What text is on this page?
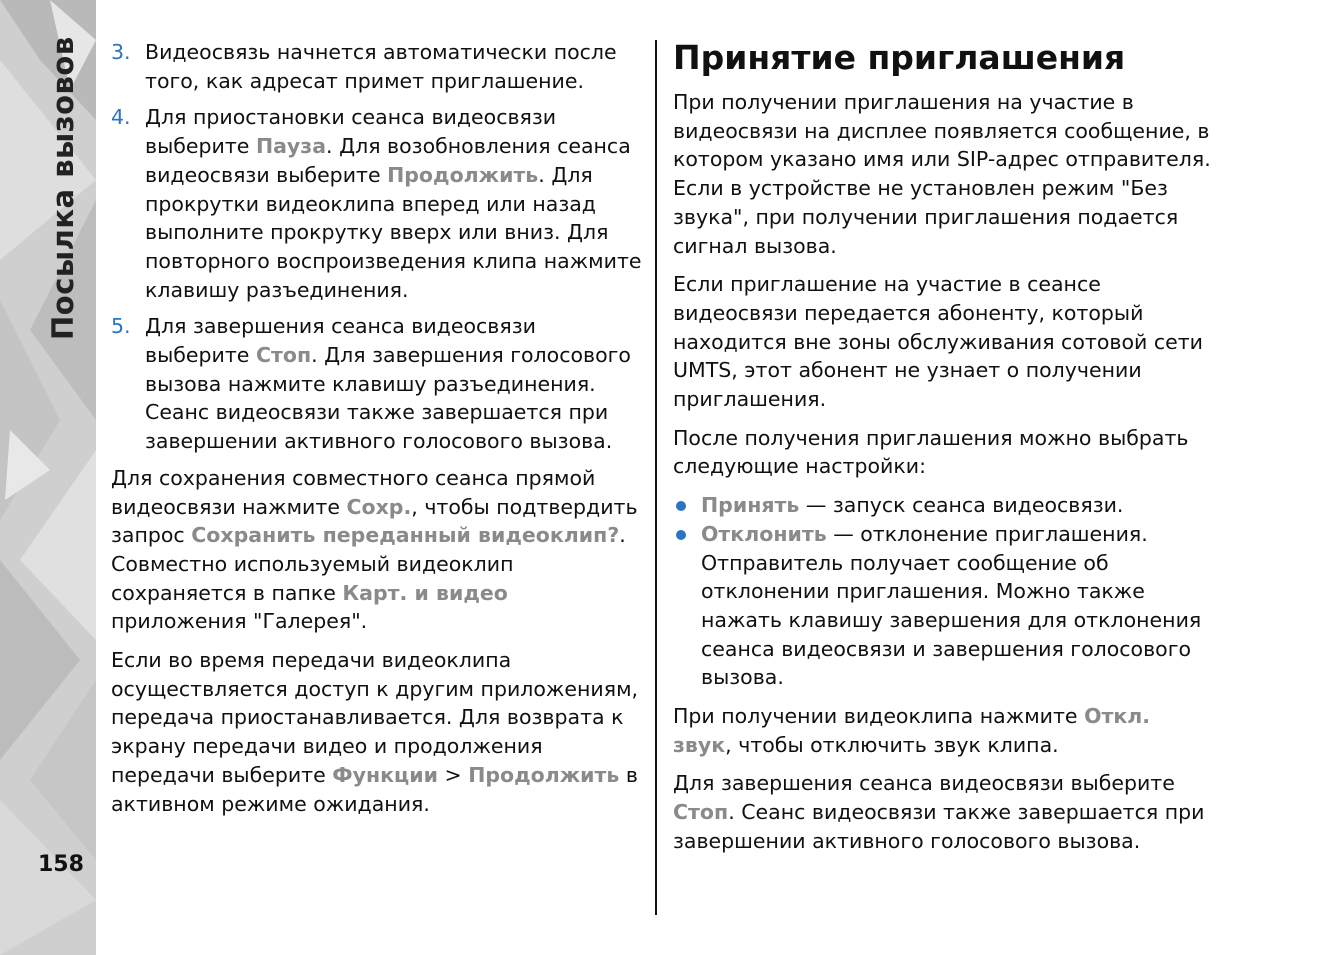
Посылка вызовов
158
3. Видеосвязь начнется автоматически после того, как адресат примет приглашение.
4. Для приостановки сеанса видеосвязи выберите Пауза. Для возобновления сеанса видеосвязи выберите Продолжить. Для прокрутки видеоклипа вперед или назад выполните прокрутку вверх или вниз. Для повторного воспроизведения клипа нажмите клавишу разъединения.
5. Для завершения сеанса видеосвязи выберите Стоп. Для завершения голосового вызова нажмите клавишу разъединения. Сеанс видеосвязи также завершается при завершении активного голосового вызова.

Для сохранения совместного сеанса прямой видеосвязи нажмите Сохр., чтобы подтвердить запрос Сохранить переданный видеоклип?. Совместно используемый видеоклип сохраняется в папке Карт. и видео приложения "Галерея".

Если во время передачи видеоклипа осуществляется доступ к другим приложениям, передача приостанавливается. Для возврата к экрану передачи видео и продолжения передачи выберите Функции > Продолжить в активном режиме ожидания.

Принятие приглашения

При получении приглашения на участие в видеосвязи на дисплее появляется сообщение, в котором указано имя или SIP-адрес отправителя. Если в устройстве не установлен режим "Без звука", при получении приглашения подается сигнал вызова.

Если приглашение на участие в сеансе видеосвязи передается абоненту, который находится вне зоны обслуживания сотовой сети UMTS, этот абонент не узнает о получении приглашения.

После получения приглашения можно выбрать следующие настройки:

Принять — запуск сеанса видеосвязи.
Отклонить — отклонение приглашения. Отправитель получает сообщение об отклонении приглашения. Можно также нажать клавишу завершения для отклонения сеанса видеосвязи и завершения голосового вызова.

При получении видеоклипа нажмите Откл. звук, чтобы отключить звук клипа.

Для завершения сеанса видеосвязи выберите Стоп. Сеанс видеосвязи также завершается при завершении активного голосового вызова.
